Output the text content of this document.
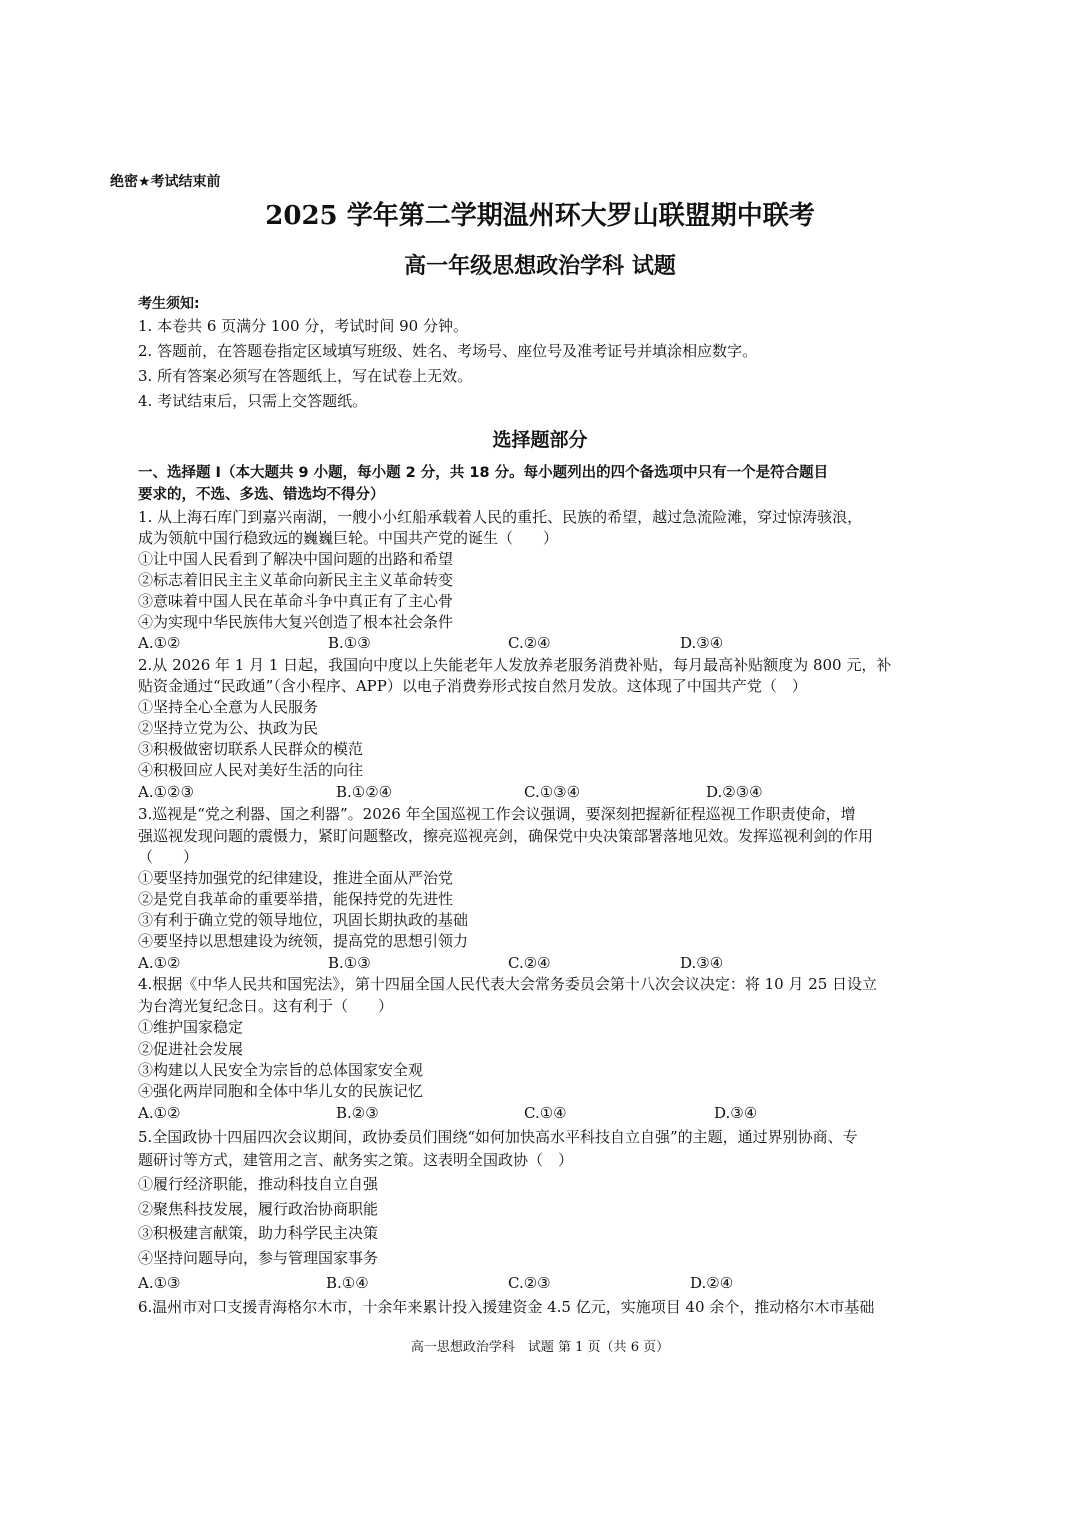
绝密★考试结束前
2025 学年第二学期温州环大罗山联盟期中联考
高一年级思想政治学科 试题
考生须知:
1. 本卷共 6 页满分 100 分，考试时间 90 分钟。
2. 答题前，在答题卷指定区域填写班级、姓名、考场号、座位号及准考证号并填涂相应数字。
3. 所有答案必须写在答题纸上，写在试卷上无效。
4. 考试结束后，只需上交答题纸。
选择题部分
一、选择题 I（本大题共 9 小题，每小题 2 分，共 18 分。每小题列出的四个备选项中只有一个是符合题目
要求的，不选、多选、错选均不得分）
1. 从上海石库门到嘉兴南湖，一艘小小红船承载着人民的重托、民族的希望，越过急流险滩，穿过惊涛骇浪，
成为领航中国行稳致远的巍巍巨轮。中国共产党的诞生（　　）
①让中国人民看到了解决中国问题的出路和希望
②标志着旧民主主义革命向新民主主义革命转变
③意味着中国人民在革命斗争中真正有了主心骨
④为实现中华民族伟大复兴创造了根本社会条件
A.①②	B.①③	C.②④	D.③④
2.从 2026 年 1 月 1 日起，我国向中度以上失能老年人发放养老服务消费补贴，每月最高补贴额度为 800 元，补
贴资金通过“民政通”（含小程序、APP）以电子消费券形式按自然月发放。这体现了中国共产党（　）
①坚持全心全意为人民服务
②坚持立党为公、执政为民
③积极做密切联系人民群众的模范
④积极回应人民对美好生活的向往
A.①②③	B.①②④	C.①③④	D.②③④
3.巡视是“党之利器、国之利器”。2026 年全国巡视工作会议强调，要深刻把握新征程巡视工作职责使命，增
强巡视发现问题的震慑力，紧盯问题整改，擦亮巡视亮剑，确保党中央决策部署落地见效。发挥巡视利剑的作用
（　　）
①要坚持加强党的纪律建设，推进全面从严治党
②是党自我革命的重要举措，能保持党的先进性
③有利于确立党的领导地位，巩固长期执政的基础
④要坚持以思想建设为统领，提高党的思想引领力
A.①②	B.①③	C.②④	D.③④
4.根据《中华人民共和国宪法》，第十四届全国人民代表大会常务委员会第十八次会议决定：将 10 月 25 日设立
为台湾光复纪念日。这有利于（　　）
①维护国家稳定
②促进社会发展
③构建以人民安全为宗旨的总体国家安全观
④强化两岸同胞和全体中华儿女的民族记忆
A.①②	B.②③	C.①④	D.③④
5.全国政协十四届四次会议期间，政协委员们围绕“如何加快高水平科技自立自强”的主题，通过界别协商、专
题研讨等方式，建管用之言、献务实之策。这表明全国政协（　）
①履行经济职能，推动科技自立自强
②聚焦科技发展，履行政治协商职能
③积极建言献策，助力科学民主决策
④坚持问题导向，参与管理国家事务
A.①③	B.①④	C.②③	D.②④
6.温州市对口支援青海格尔木市，十余年来累计投入援建资金 4.5 亿元，实施项目 40 余个，推动格尔木市基础
高一思想政治学科　试题 第 1 页（共 6 页）
